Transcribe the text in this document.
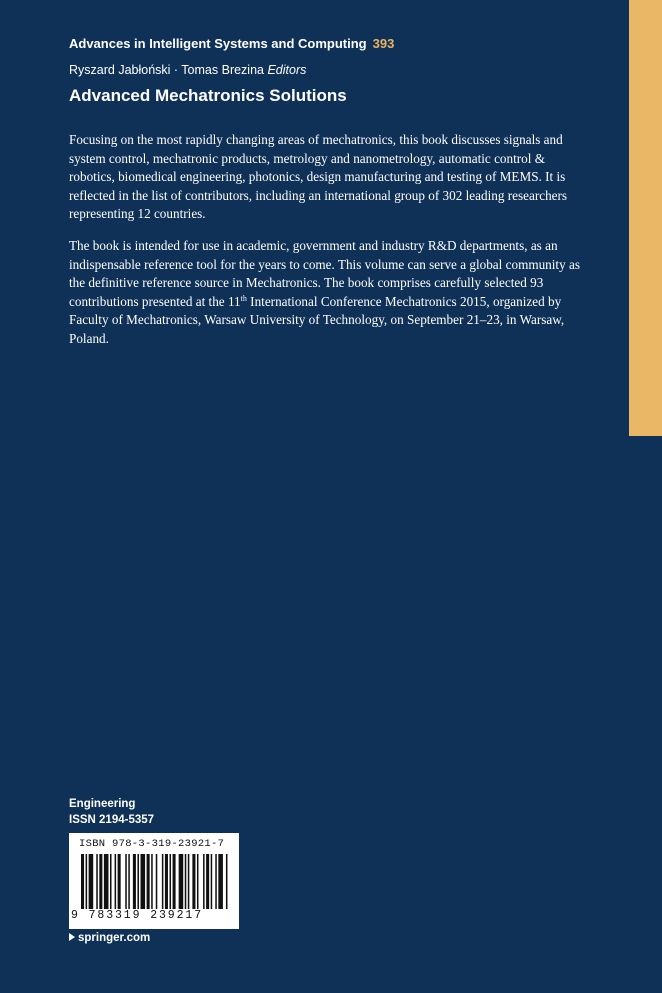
Advances in Intelligent Systems and Computing 393
Ryszard Jabłoński · Tomas Brezina Editors
Advanced Mechatronics Solutions

Focusing on the most rapidly changing areas of mechatronics, this book discusses signals and system control, mechatronic products, metrology and nanometrology, automatic control & robotics, biomedical engineering, photonics, design manufacturing and testing of MEMS. It is reflected in the list of contributors, including an international group of 302 leading researchers representing 12 countries.

The book is intended for use in academic, government and industry R&D departments, as an indispensable reference tool for the years to come. This volume can serve a global community as the definitive reference source in Mechatronics. The book comprises carefully selected 93 contributions presented at the 11th International Conference Mechatronics 2015, organized by Faculty of Mechatronics, Warsaw University of Technology, on September 21–23, in Warsaw, Poland.

Engineering
ISSN 2194-5357
ISBN 978-3-319-23921-7
9 783319 239217
springer.com
